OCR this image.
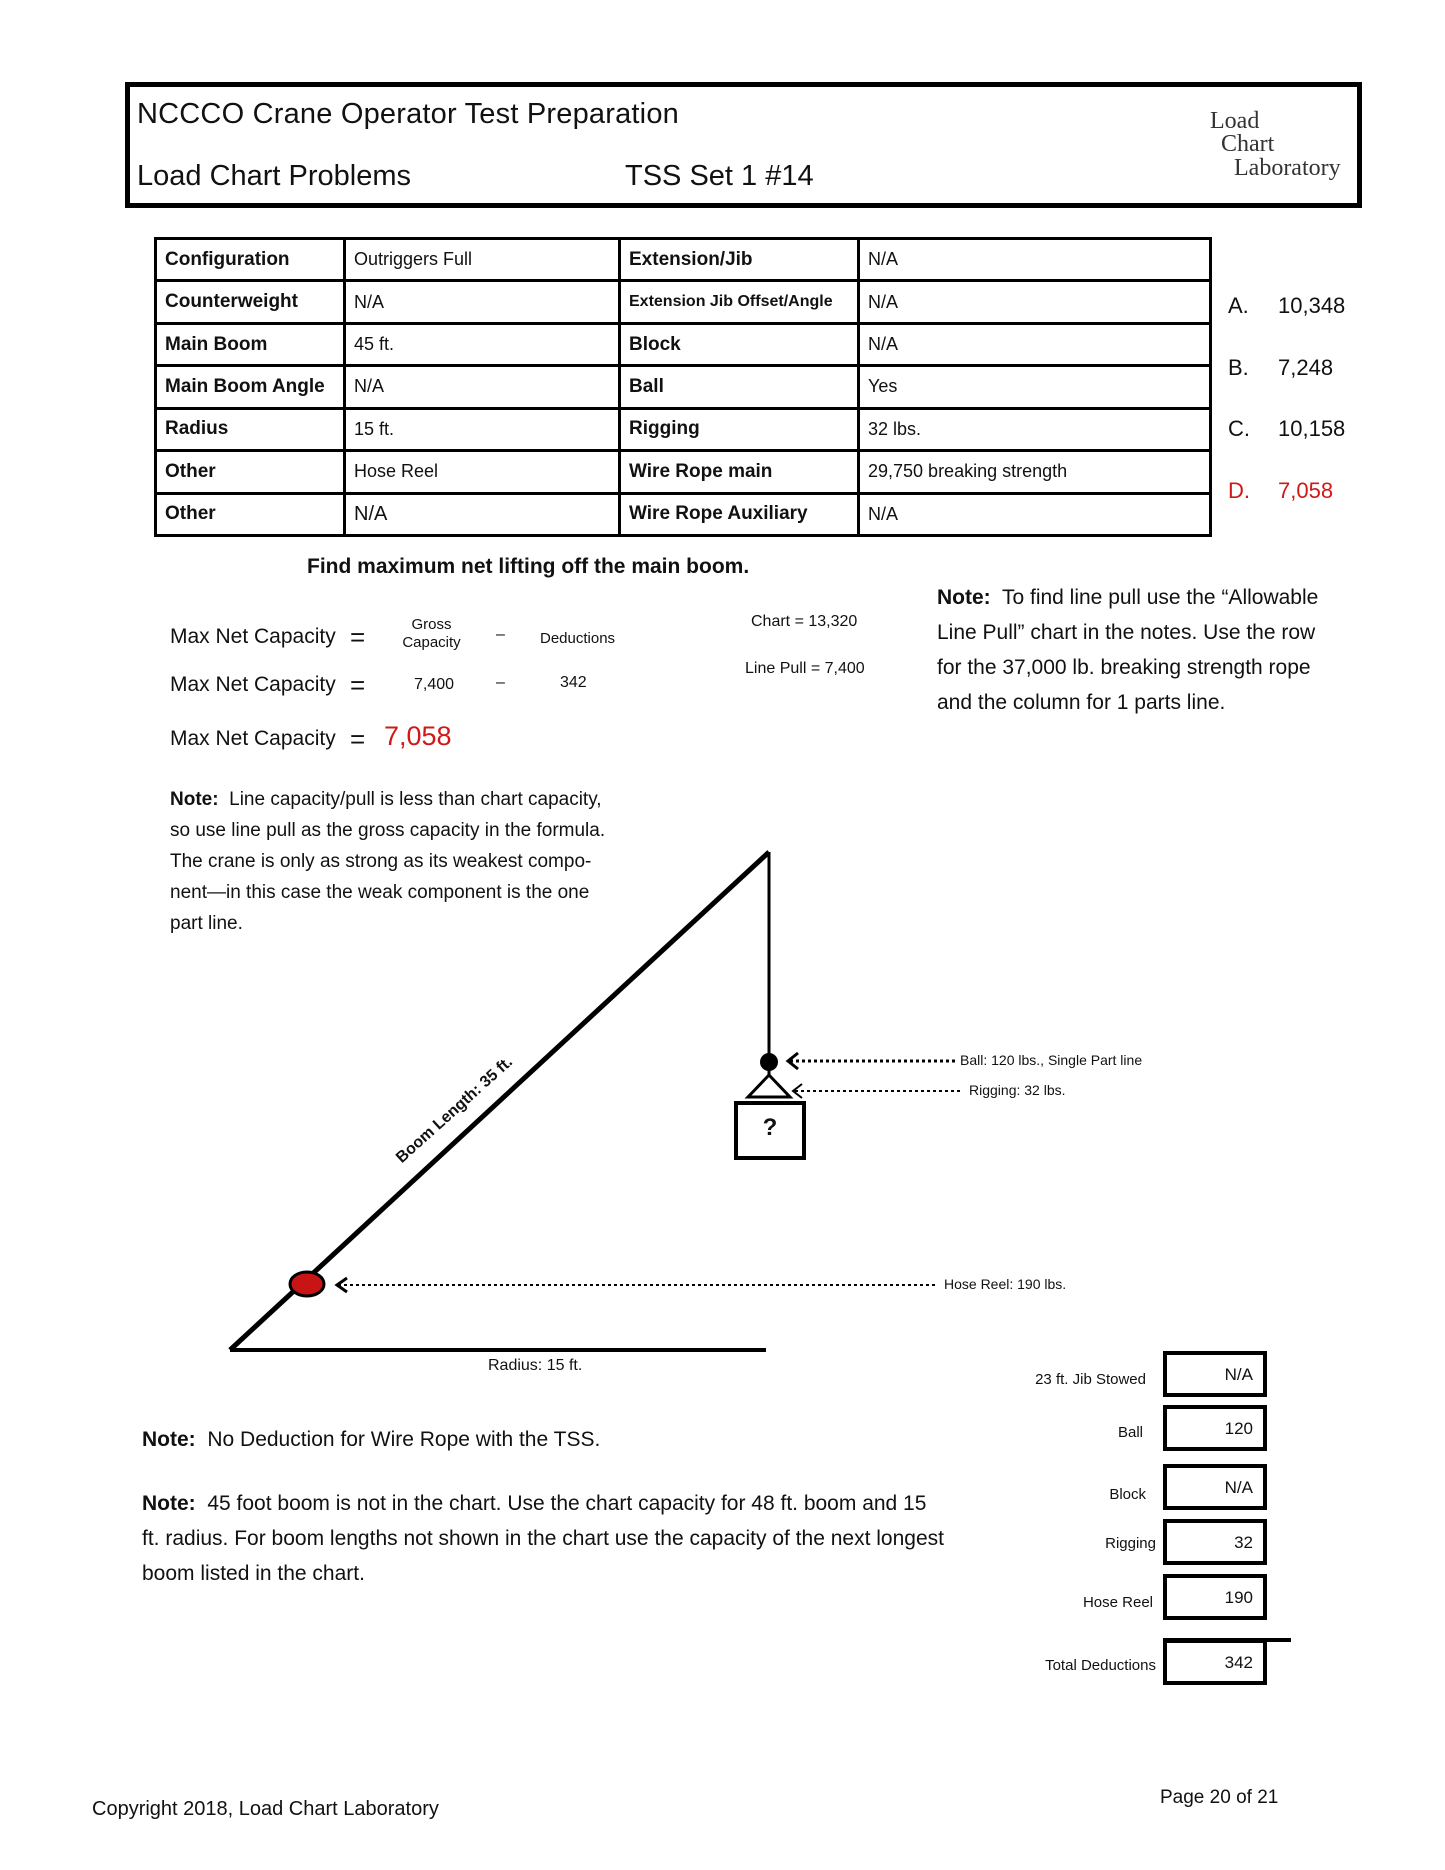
NCCCO Crane Operator Test Preparation
Load Chart Problems	TSS Set 1 #14
Load
Chart
Laboratory
Configuration	Outriggers Full	Extension/Jib	N/A
Counterweight	N/A	Extension Jib Offset/Angle	N/A
Main Boom	45 ft.	Block	N/A
Main Boom Angle	N/A	Ball	Yes
Radius	15 ft.	Rigging	32 lbs.
Other	Hose Reel	Wire Rope main	29,750 breaking strength
Other	N/A	Wire Rope Auxiliary	N/A
A. 10,348
B. 7,248
C. 10,158
D. 7,058
Find maximum net lifting off the main boom.
Max Net Capacity =	Gross
Capacity	– Deductions
Max Net Capacity =	7,400	–	342
Max Net Capacity = 7,058
Chart = 13,320
Line Pull = 7,400
Note: To find line pull use the “Allowable
Line Pull” chart in the notes. Use the row
for the 37,000 lb. breaking strength rope
and the column for 1 parts line.
Note: Line capacity/pull is less than chart capacity,
so use line pull as the gross capacity in the formula.
The crane is only as strong as its weakest compo-
nent—in this case the weak component is the one
part line.
Boom Length: 35 ft.
Radius: 15 ft.
Ball: 120 lbs., Single Part line
Rigging: 32 lbs.
Hose Reel: 190 lbs.
?
Note: No Deduction for Wire Rope with the TSS.
Note: 45 foot boom is not in the chart. Use the chart capacity for 48 ft. boom and 15
ft. radius. For boom lengths not shown in the chart use the capacity of the next longest
boom listed in the chart.
23 ft. Jib Stowed	N/A
Ball	120
Block	N/A
Rigging	32
Hose Reel	190
Total Deductions	342
Copyright 2018, Load Chart Laboratory
Page 20 of 21
